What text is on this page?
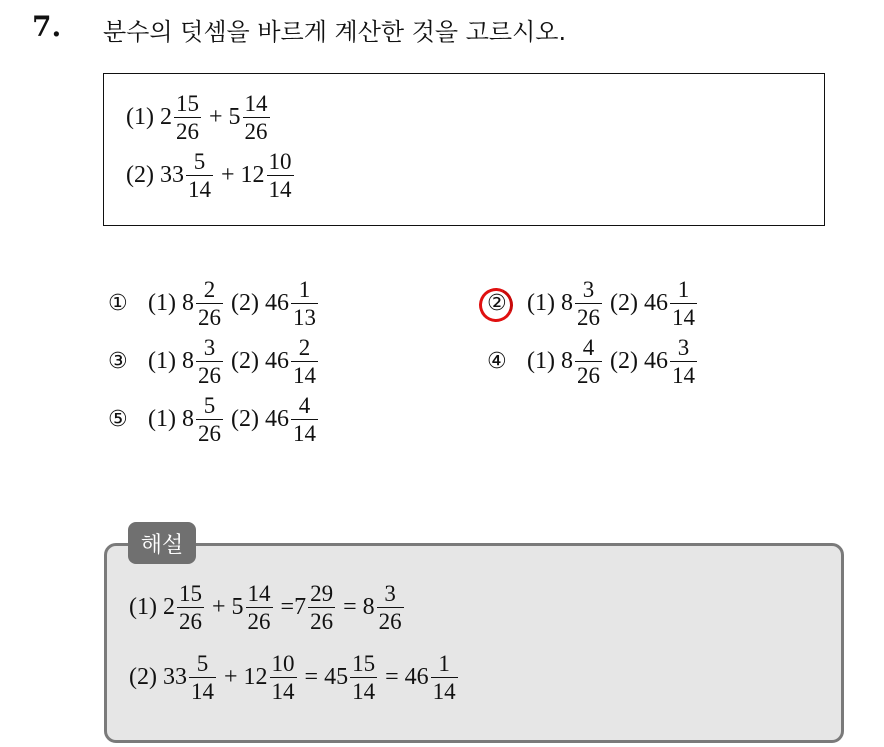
7. 분수의 덧셈을 바르게 계산한 것을 고르시오.
(1)
$2 \frac{15}{26} + 5 \frac{14}{26}$
(2)
$33 \frac{5}{14} + 12 \frac{10}{14}$
① (1)
$8 \frac{2}{26}$
(2)
$46 \frac{1}{13}$	② (1)
$8 \frac{3}{26}$
(2)
$46 \frac{1}{14}$
③ (1)
$8 \frac{3}{26}$
(2)
$46 \frac{2}{14}$	④ (1)
$8 \frac{4}{26}$
(2)
$46 \frac{3}{14}$
⑤ (1)
$8 \frac{5}{26}$
(2)
$46 \frac{4}{14}$
해설
(1)
$2 \frac{15}{26} + 5 \frac{14}{26} = 7 \frac{29}{26} = 8 \frac{3}{26}$
(2)
$33 \frac{5}{14} + 12 \frac{10}{14} = 45 \frac{15}{14} = 46 \frac{1}{14}$
